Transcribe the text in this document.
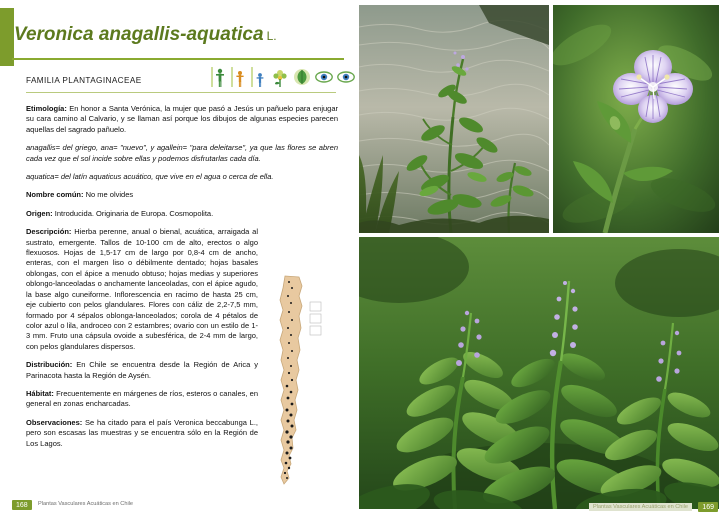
Veronica anagallis-aquatica L.
FAMILIA PLANTAGINACEAE

Etimología: En honor a Santa Verónica, la mujer que pasó a Jesús un pañuelo para enjugar su cara camino al Calvario, y se llaman así porque los dibujos de algunas especies parecen aquellas del sagrado pañuelo.

anagallis= del griego, ana= "nuevo", y agallein= "para deleitarse", ya que las flores se abren cada vez que el sol incide sobre ellas y podemos disfrutarlas cada día.

aquatica= del latín aquaticus acuático, que vive en el agua o cerca de ella.

Nombre común: No me olvides

Origen: Introducida. Originaria de Europa. Cosmopolita.

Descripción: Hierba perenne, anual o bienal, acuática, arraigada al sustrato, emergente. Tallos de 10-100 cm de alto, erectos o algo flexuosos. Hojas de 1,5-17 cm de largo por 0,8-4 cm de ancho, enteras, con el margen liso o débilmente dentado; hojas basales oblongas, con el ápice a menudo obtuso; hojas medias y superiores oblongo-lanceoladas o anchamente lanceoladas, con el ápice agudo, la base algo cuneiforme. Inflorescencia en racimo de hasta 25 cm, eje cubierto con pelos glandulares. Flores con cáliz de 2,2-7,5 mm, formado por 4 sépalos oblonga-lanceolados; corola de 4 pétalos de color azul o lila, androceo con 2 estambres; ovario con un estilo de 1-3 mm. Fruto una cápsula ovoide a subesférica, de 2-4 mm de largo, con pelos glandulares dispersos.

Distribución: En Chile se encuentra desde la Región de Arica y Parinacota hasta la Región de Aysén.

Hábitat: Frecuentemente en márgenes de ríos, esteros o canales, en general en zonas encharcadas.

Observaciones: Se ha citado para el país Veronica beccabunga L., pero son escasas las muestras y se encuentra sólo en la Región de Los Lagos.

168	Plantas Vasculares Acuáticas en Chile	169
Plantas Vasculares Acuáticas en Chile
